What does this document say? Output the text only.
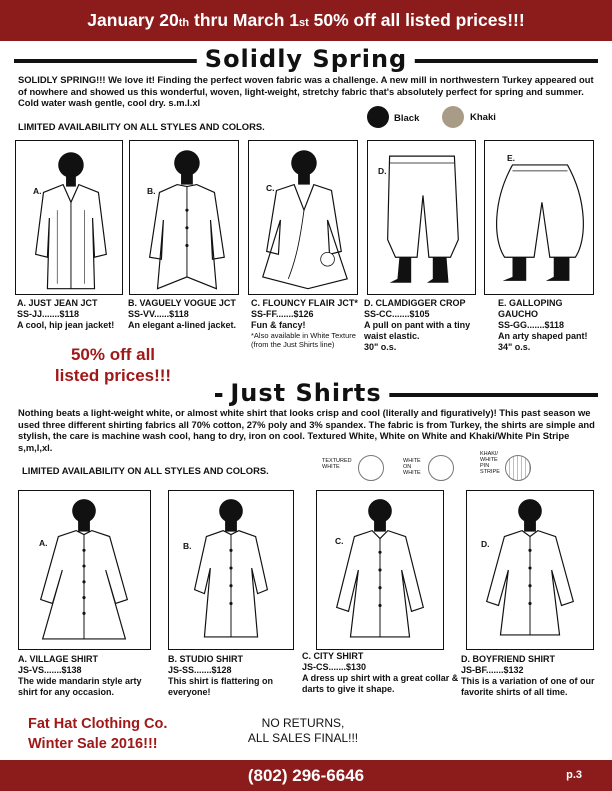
January 20th thru March 1st 50% off all listed prices!!!
Solidly Spring
SOLIDLY SPRING!!! We love it! Finding the perfect woven fabric was a challenge. A new mill in northwestern Turkey appeared out of nowhere and showed us this wonderful, woven, light-weight, stretchy fabric that's absolutely perfect for spring and summer. Cold water wash gentle, cool dry. s.m.l.xl
LIMITED AVAILABILITY ON ALL STYLES AND COLORS.
Black	Khaki
A.	B.	C.
D.
E.
A. JUST JEAN JCT
SS-JJ.......$118
A cool, hip jean jacket!
B. VAGUELY VOGUE JCT
SS-VV......$118
An elegant a-lined jacket.
C. FLOUNCY FLAIR JCT*
SS-FF.......$126
Fun & fancy!
*Also available in White Texture (from the Just Shirts line)
D. CLAMDIGGER CROP
SS-CC.......$105
A pull on pant with a tiny waist elastic.
30" o.s.
E. GALLOPING GAUCHO
SS-GG.......$118
An arty shaped pant! 34" o.s.
50% off all
listed prices!!!
Just Shirts
Nothing beats a light-weight white, or almost white shirt that looks crisp and cool (literally and figuratively)! This past season we used three different shirting fabrics all 70% cotton, 27% poly and 3% spandex. The fabric is from Turkey, the shirts are simple and stylish, the care is machine wash cool, hang to dry, iron on cool. Textured White, White on White and Khaki/White Pin Stripe s,m,l,xl.
LIMITED AVAILABILITY ON ALL STYLES AND COLORS.
TEXTURED
WHITE
WHITE
ON
WHITE
KHAKI/
WHITE
PIN
STRIPE
A.	B.	C.	D.
A. VILLAGE SHIRT
JS-VS.......$138
The wide mandarin style arty shirt for any occasion.
B. STUDIO SHIRT
JS-SS.......$128
This shirt is flattering on everyone!
C. CITY SHIRT
JS-CS.......$130
A dress up shirt with a great collar & darts to give it shape.
D. BOYFRIEND SHIRT
JS-BF.......$132
This is a variation of one of our favorite shirts of all time.
Fat Hat Clothing Co.
Winter Sale 2016!!!
NO RETURNS,
ALL SALES FINAL!!!
(802) 296-6646	p.3
